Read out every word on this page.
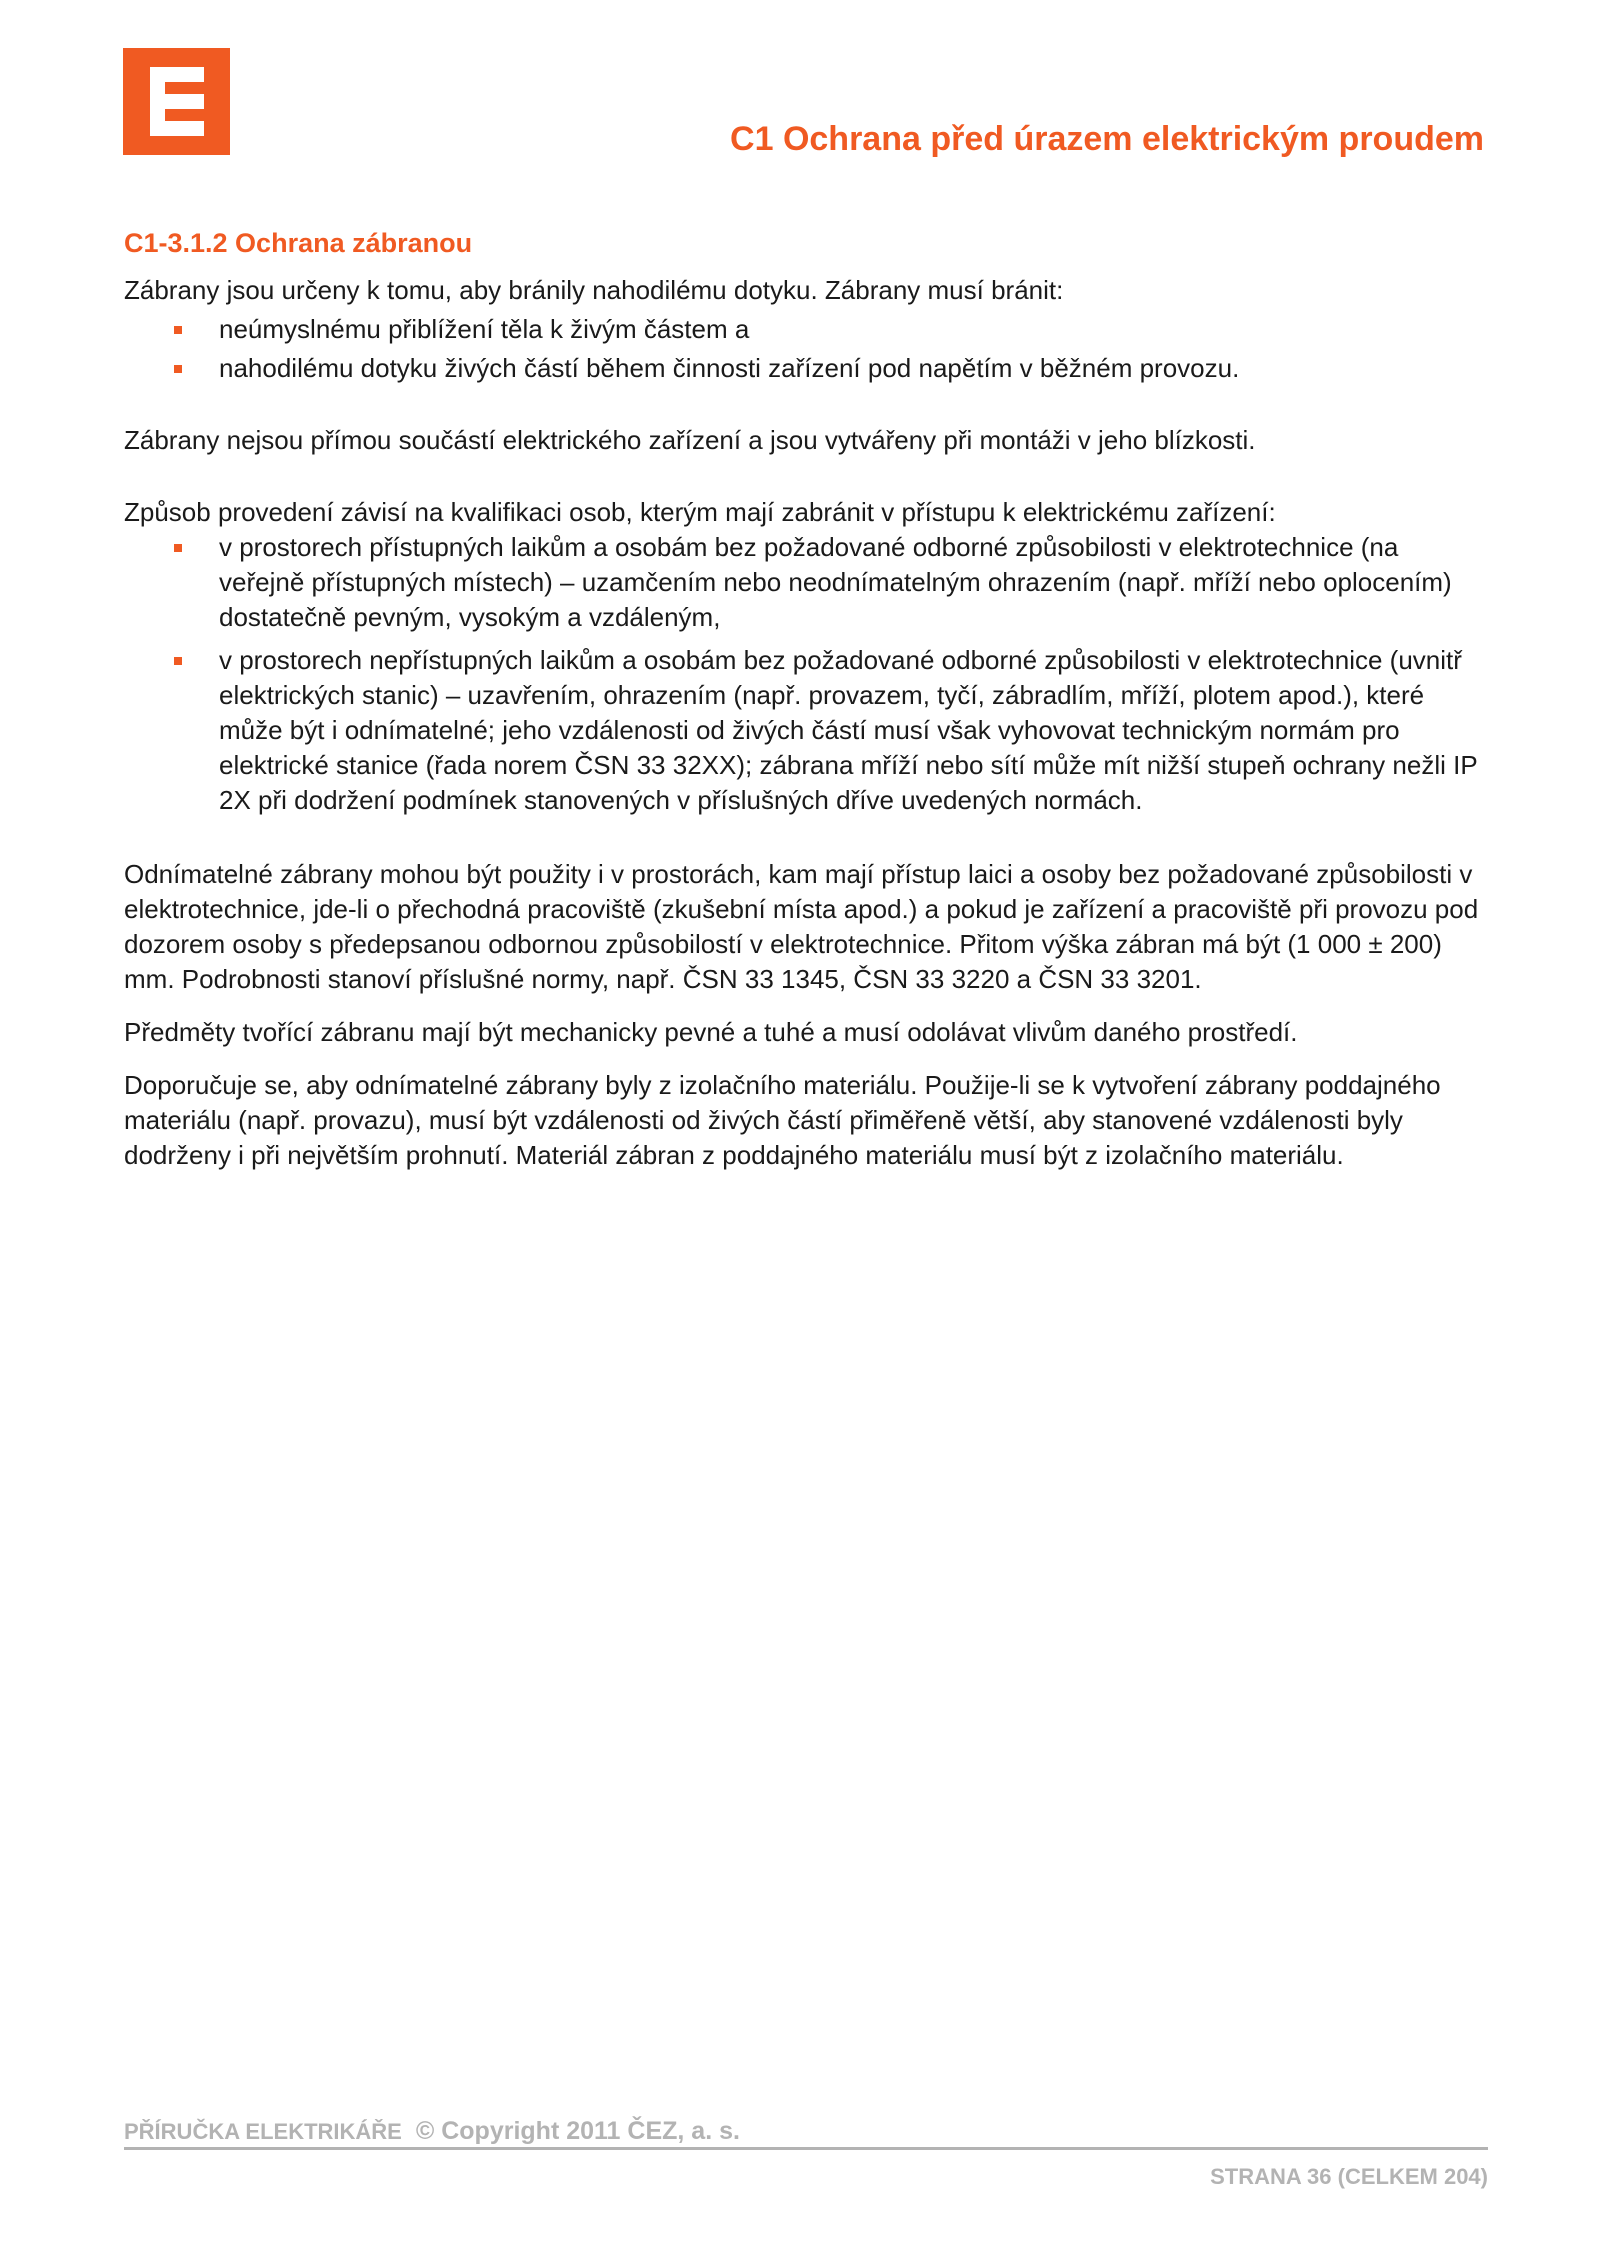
C1 Ochrana před úrazem elektrickým proudem
C1-3.1.2 Ochrana zábranou

Zábrany jsou určeny k tomu, aby bránily nahodilému dotyku. Zábrany musí bránit:

neúmyslnému přiblížení těla k živým částem a
nahodilému dotyku živých částí během činnosti zařízení pod napětím v běžném provozu.

Zábrany nejsou přímou součástí elektrického zařízení a jsou vytvářeny při montáži v jeho blízkosti.

Způsob provedení závisí na kvalifikaci osob, kterým mají zabránit v přístupu k elektrickému zařízení:

v prostorech přístupných laikům a osobám bez požadované odborné způsobilosti v elektrotechnice (na veřejně přístupných místech) – uzamčením nebo neodnímatelným ohrazením (např. mříží nebo oplocením) dostatečně pevným, vysokým a vzdáleným,
v prostorech nepřístupných laikům a osobám bez požadované odborné způsobilosti v elektrotechnice (uvnitř elektrických stanic) – uzavřením, ohrazením (např. provazem, tyčí, zábradlím, mříží, plotem apod.), které může být i odnímatelné; jeho vzdálenosti od živých částí musí však vyhovovat technickým normám pro elektrické stanice (řada norem ČSN 33 32XX); zábrana mříží nebo sítí může mít nižší stupeň ochrany nežli IP 2X při dodržení podmínek stanovených v příslušných dříve uvedených normách.

Odnímatelné zábrany mohou být použity i v prostorách, kam mají přístup laici a osoby bez požadované způsobilosti v elektrotechnice, jde-li o přechodná pracoviště (zkušební místa apod.) a pokud je zařízení a pracoviště při provozu pod dozorem osoby s předepsanou odbornou způsobilostí v elektrotechnice. Přitom výška zábran má být (1 000 ± 200) mm. Podrobnosti stanoví příslušné normy, např. ČSN 33 1345, ČSN 33 3220 a ČSN 33 3201.

Předměty tvořící zábranu mají být mechanicky pevné a tuhé a musí odolávat vlivům daného prostředí.

Doporučuje se, aby odnímatelné zábrany byly z izolačního materiálu. Použije-li se k vytvoření zábrany poddajného materiálu (např. provazu), musí být vzdálenosti od živých částí přiměřeně větší, aby stanovené vzdálenosti byly dodrženy i při největším prohnutí. Materiál zábran z poddajného materiálu musí být z izolačního materiálu.

PŘÍRUČKA ELEKTRIKÁŘE © Copyright 2011 ČEZ, a. s.
STRANA 36 (CELKEM 204)
